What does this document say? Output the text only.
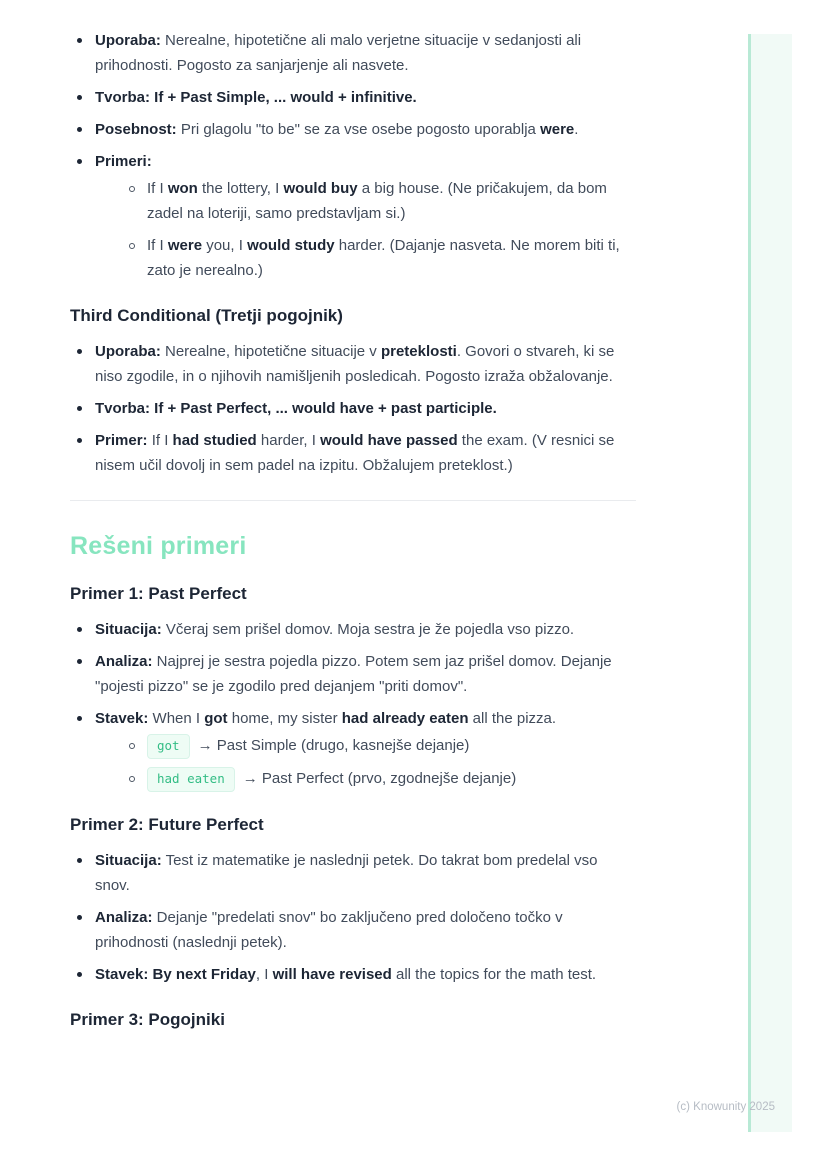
Uporaba: Nerealne, hipotetične ali malo verjetne situacije v sedanjosti ali prihodnosti. Pogosto za sanjarjenje ali nasvete.
Tvorba: If + Past Simple, ... would + infinitive.
Posebnost: Pri glagolu "to be" se za vse osebe pogosto uporablja were.
Primeri:
If I won the lottery, I would buy a big house. (Ne pričakujem, da bom zadel na loteriji, samo predstavljam si.)
If I were you, I would study harder. (Dajanje nasveta. Ne morem biti ti, zato je nerealno.)
Third Conditional (Tretji pogojnik)
Uporaba: Nerealne, hipotetične situacije v preteklosti. Govori o stvareh, ki se niso zgodile, in o njihovih namišljenih posledicah. Pogosto izraža obžalovanje.
Tvorba: If + Past Perfect, ... would have + past participle.
Primer: If I had studied harder, I would have passed the exam. (V resnici se nisem učil dovolj in sem padel na izpitu. Obžalujem preteklost.)
Rešeni primeri
Primer 1: Past Perfect
Situacija: Včeraj sem prišel domov. Moja sestra je že pojedla vso pizzo.
Analiza: Najprej je sestra pojedla pizzo. Potem sem jaz prišel domov. Dejanje "pojesti pizzo" se je zgodilo pred dejanjem "priti domov".
Stavek: When I got home, my sister had already eaten all the pizza.
got → Past Simple (drugo, kasnejše dejanje)
had eaten → Past Perfect (prvo, zgodnejše dejanje)
Primer 2: Future Perfect
Situacija: Test iz matematike je naslednji petek. Do takrat bom predelal vso snov.
Analiza: Dejanje "predelati snov" bo zaključeno pred določeno točko v prihodnosti (naslednji petek).
Stavek: By next Friday, I will have revised all the topics for the math test.
Primer 3: Pogojniki
(c) Knowunity 2025
